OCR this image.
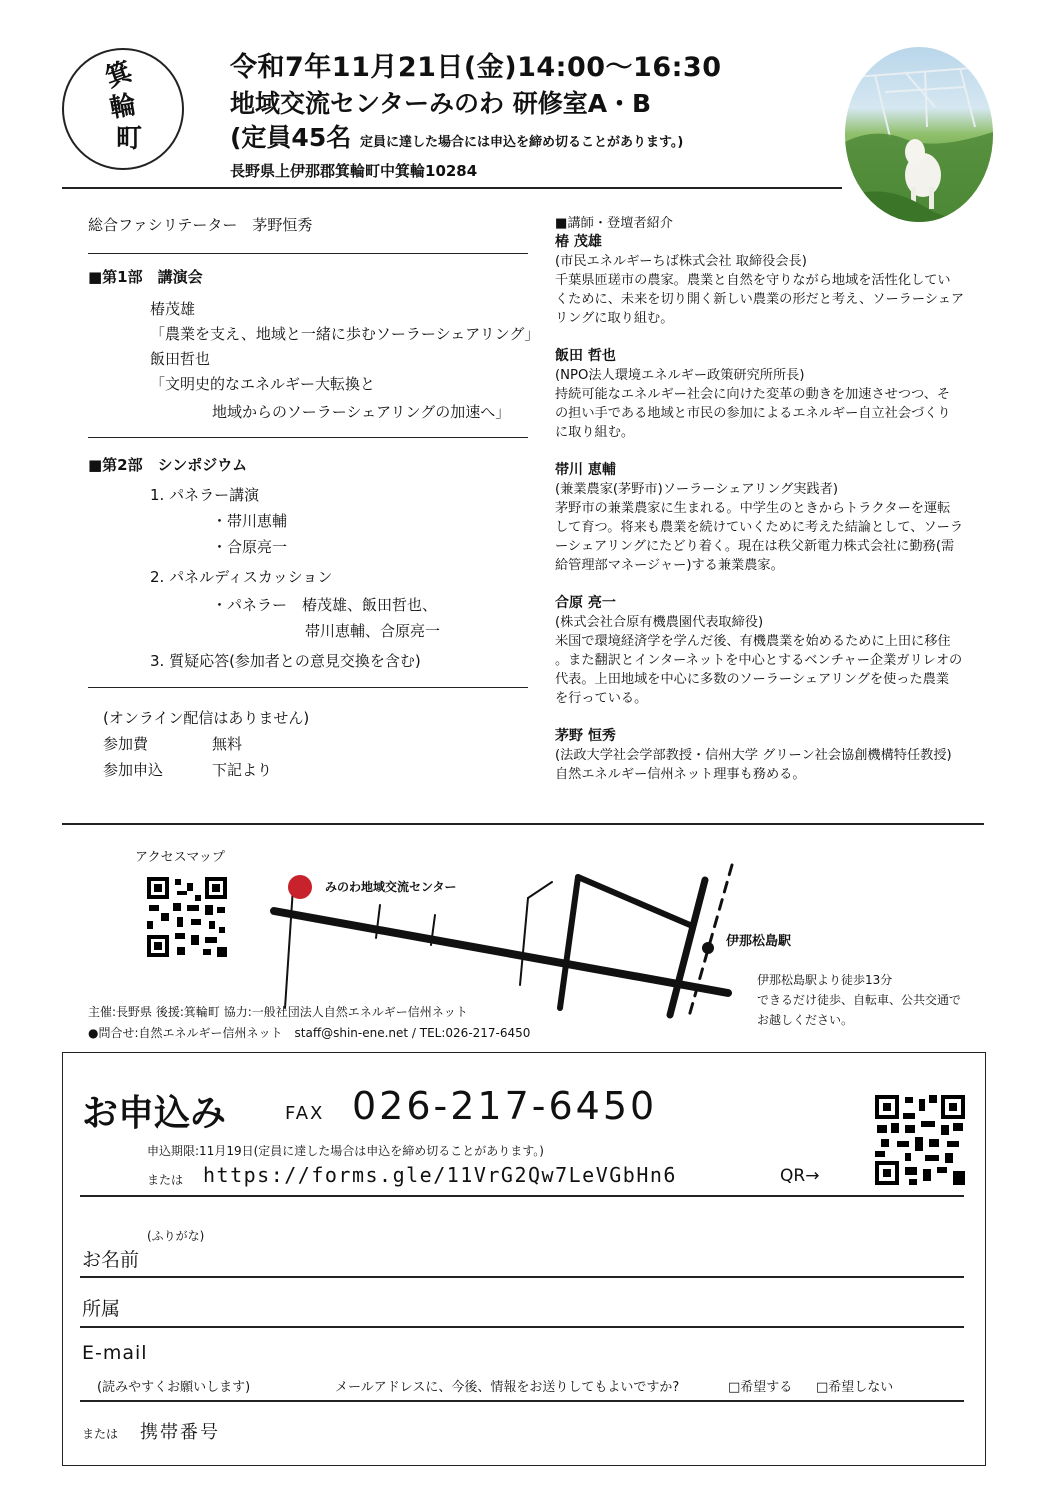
箕
輪
町
令和7年11月21日(金)14:00〜16:30
地域交流センターみのわ 研修室A・B
(定員45名 定員に達した場合には申込を締め切ることがあります。)
長野県上伊那郡箕輪町中箕輪10284
総合ファシリテーター　茅野恒秀
■第1部　講演会
椿茂雄
「農業を支え、地域と一緒に歩むソーラーシェアリング」
飯田哲也
「文明史的なエネルギー大転換と
地域からのソーラーシェアリングの加速へ」
■第2部　シンポジウム
1. パネラー講演
・帯川恵輔
・合原亮一
2. パネルディスカッション
・パネラー　椿茂雄、飯田哲也、
帯川恵輔、合原亮一
3. 質疑応答(参加者との意見交換を含む)
(オンライン配信はありません)
参加費	無料
参加申込	下記より
■講師・登壇者紹介
椿 茂雄
(市民エネルギーちば株式会社 取締役会長)
千葉県匝瑳市の農家。農業と自然を守りながら地域を活性化してい
くために、未来を切り開く新しい農業の形だと考え、ソーラーシェア
リングに取り組む。
飯田 哲也
(NPO法人環境エネルギー政策研究所所長)
持続可能なエネルギー社会に向けた変革の動きを加速させつつ、そ
の担い手である地域と市民の参加によるエネルギー自立社会づくり
に取り組む。
帯川 恵輔
(兼業農家(茅野市)ソーラーシェアリング実践者)
茅野市の兼業農家に生まれる。中学生のときからトラクターを運転
して育つ。将来も農業を続けていくために考えた結論として、ソーラ
ーシェアリングにたどり着く。現在は秩父新電力株式会社に勤務(需
給管理部マネージャー)する兼業農家。
合原 亮一
(株式会社合原有機農園代表取締役)
米国で環境経済学を学んだ後、有機農業を始めるために上田に移住
。また翻訳とインターネットを中心とするベンチャー企業ガリレオの
代表。上田地域を中心に多数のソーラーシェアリングを使った農業
を行っている。
茅野 恒秀
(法政大学社会学部教授・信州大学 グリーン社会協創機構特任教授)
自然エネルギー信州ネット理事も務める。
アクセスマップ
みのわ地域交流センター
伊那松島駅
伊那松島駅より徒歩13分
できるだけ徒歩、自転車、公共交通で
お越しください。
主催:長野県 後援:箕輪町 協力:一般社団法人自然エネルギー信州ネット
●問合せ:自然エネルギー信州ネット　staff@shin-ene.net / TEL:026-217-6450
お申込み	FAX 026-217-6450
申込期限:11月19日(定員に達した場合は申込を締め切ることがあります。)
または https://forms.gle/11VrG2Qw7LeVGbHn6	QR→
(ふりがな)
お名前
所属
E-mail
(読みやすくお願いします)	メールアドレスに、今後、情報をお送りしてもよいですか?	□希望する □希望しない
または 携帯番号
